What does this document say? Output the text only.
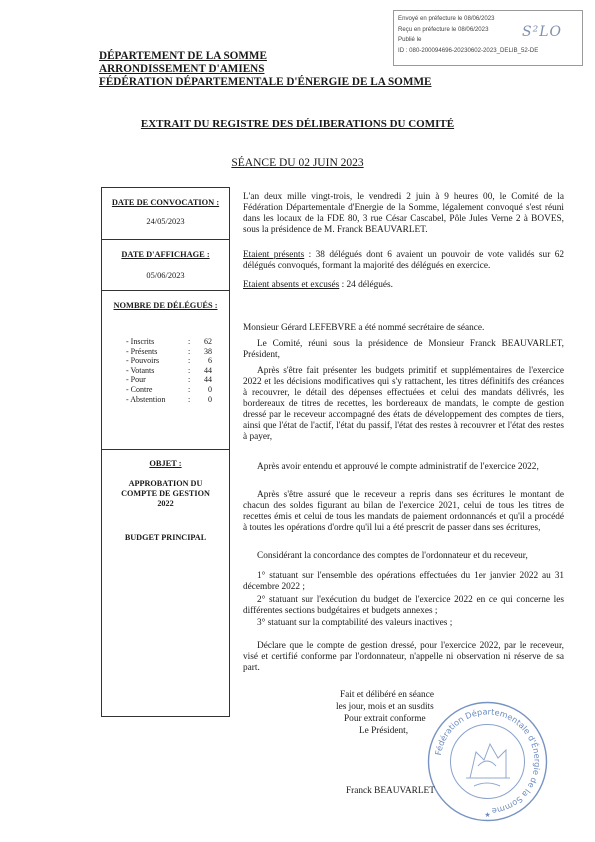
Envoyé en préfecture le 08/06/2023
Reçu en préfecture le 08/06/2023
Publié le
ID : 080-200094696-20230602-2023_DELIB_52-DE
S²LO
DÉPARTEMENT DE LA SOMME
ARRONDISSEMENT D'AMIENS
FÉDÉRATION DÉPARTEMENTALE D'ÉNERGIE DE LA SOMME
EXTRAIT DU REGISTRE DES DÉLIBERATIONS DU COMITÉ
SÉANCE DU 02 JUIN 2023
DATE DE CONVOCATION :
24/05/2023
DATE D'AFFICHAGE :
05/06/2023
NOMBRE DE DÉLÉGUÉS :
- Inscrits	:	62
- Présents	:	38
- Pouvoirs	:	6
- Votants	:	44
- Pour	:	44
- Contre	:	0
- Abstention	:	0
OBJET :
APPROBATION DU
COMPTE DE GESTION
2022
BUDGET PRINCIPAL
L'an deux mille vingt-trois, le vendredi 2 juin à 9 heures 00, le Comité de la Fédération Départementale d'Energie de la Somme, légalement convoqué s'est réuni dans les locaux de la FDE 80, 3 rue César Cascabel, Pôle Jules Verne 2 à BOVES, sous la présidence de M. Franck BEAUVARLET.
Etaient présents : 38 délégués dont 6 avaient un pouvoir de vote validés sur 62 délégués convoqués, formant la majorité des délégués en exercice.
Etaient absents et excusés : 24 délégués.
Monsieur Gérard LEFEBVRE a été nommé secrétaire de séance.
Le Comité, réuni sous la présidence de Monsieur Franck BEAUVARLET, Président,
Après s'être fait présenter les budgets primitif et supplémentaires de l'exercice 2022 et les décisions modificatives qui s'y rattachent, les titres définitifs des créances à recouvrer, le détail des dépenses effectuées et celui des mandats délivrés, les bordereaux de titres de recettes, les bordereaux de mandats, le compte de gestion dressé par le receveur accompagné des états de développement des comptes de tiers, ainsi que l'état de l'actif, l'état du passif, l'état des restes à recouvrer et l'état des restes à payer,
Après avoir entendu et approuvé le compte administratif de l'exercice 2022,
Après s'être assuré que le receveur a repris dans ses écritures le montant de chacun des soldes figurant au bilan de l'exercice 2021, celui de tous les titres de recettes émis et celui de tous les mandats de paiement ordonnancés et qu'il a procédé à toutes les opérations d'ordre qu'il lui a été prescrit de passer dans ses écritures,
Considérant la concordance des comptes de l'ordonnateur et du receveur,
1° statuant sur l'ensemble des opérations effectuées du 1er janvier 2022 au 31 décembre 2022 ;
2° statuant sur l'exécution du budget de l'exercice 2022 en ce qui concerne les différentes sections budgétaires et budgets annexes ;
3° statuant sur la comptabilité des valeurs inactives ;
Déclare que le compte de gestion dressé, pour l'exercice 2022, par le receveur, visé et certifié conforme par l'ordonnateur, n'appelle ni observation ni réserve de sa part.
Fait et délibéré en séance
les jour, mois et an susdits
Pour extrait conforme
Le Président,
Fédération Départementale d'Énergie de la Somme
★
Franck BEAUVARLET
